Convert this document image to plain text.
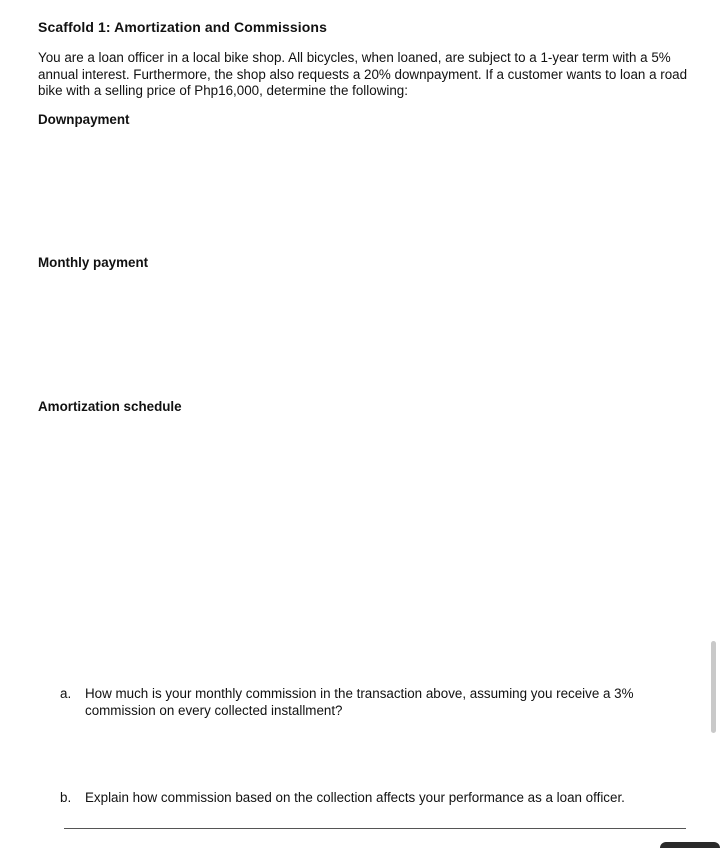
Scaffold 1: Amortization and Commissions
You are a loan officer in a local bike shop. All bicycles, when loaned, are subject to a 1-year term with a 5% annual interest. Furthermore, the shop also requests a 20% downpayment. If a customer wants to loan a road bike with a selling price of Php16,000, determine the following:
Downpayment
Monthly payment
Amortization schedule
a.	How much is your monthly commission in the transaction above, assuming you receive a 3% commission on every collected installment?
b.	Explain how commission based on the collection affects your performance as a loan officer.
